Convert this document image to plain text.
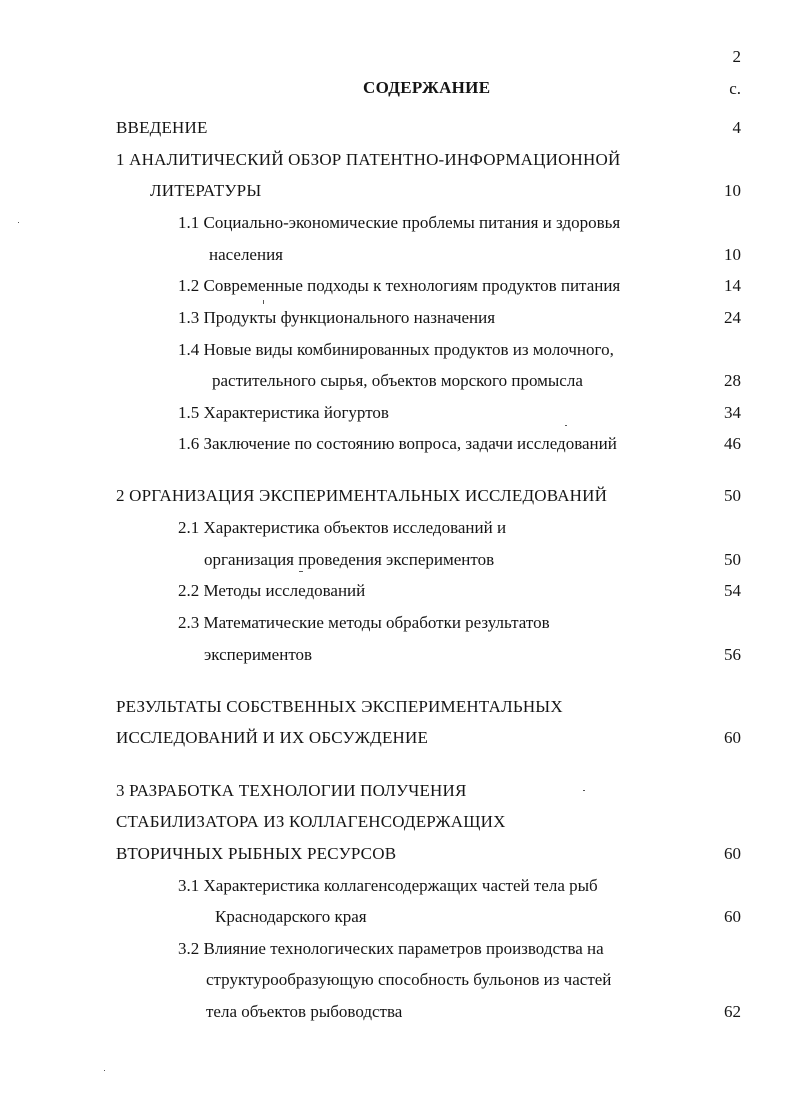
2
СОДЕРЖАНИЕ	с.
ВВЕДЕНИЕ	4
1 АНАЛИТИЧЕСКИЙ ОБЗОР ПАТЕНТНО-ИНФОРМАЦИОННОЙ
ЛИТЕРАТУРЫ	10
1.1 Социально-экономические проблемы питания и здоровья
населения	10
1.2 Современные подходы к технологиям продуктов питания	14
1.3 Продукты функционального назначения	24
1.4 Новые виды комбинированных продуктов из молочного,
растительного сырья, объектов морского промысла	28
1.5 Характеристика йогуртов	34
1.6 Заключение по состоянию вопроса, задачи исследований	46
2 ОРГАНИЗАЦИЯ ЭКСПЕРИМЕНТАЛЬНЫХ ИССЛЕДОВАНИЙ	50
2.1 Характеристика объектов исследований и
организация проведения экспериментов	50
2.2 Методы исследований	54
2.3 Математические методы обработки результатов
экспериментов	56
РЕЗУЛЬТАТЫ СОБСТВЕННЫХ ЭКСПЕРИМЕНТАЛЬНЫХ
ИССЛЕДОВАНИЙ И ИХ ОБСУЖДЕНИЕ	60
3 РАЗРАБОТКА ТЕХНОЛОГИИ ПОЛУЧЕНИЯ
СТАБИЛИЗАТОРА ИЗ КОЛЛАГЕНСОДЕРЖАЩИХ
ВТОРИЧНЫХ РЫБНЫХ РЕСУРСОВ	60
3.1 Характеристика коллагенсодержащих частей тела рыб
Краснодарского края	60
3.2 Влияние технологических параметров производства на
структурообразующую способность бульонов из частей
тела объектов рыбоводства	62
